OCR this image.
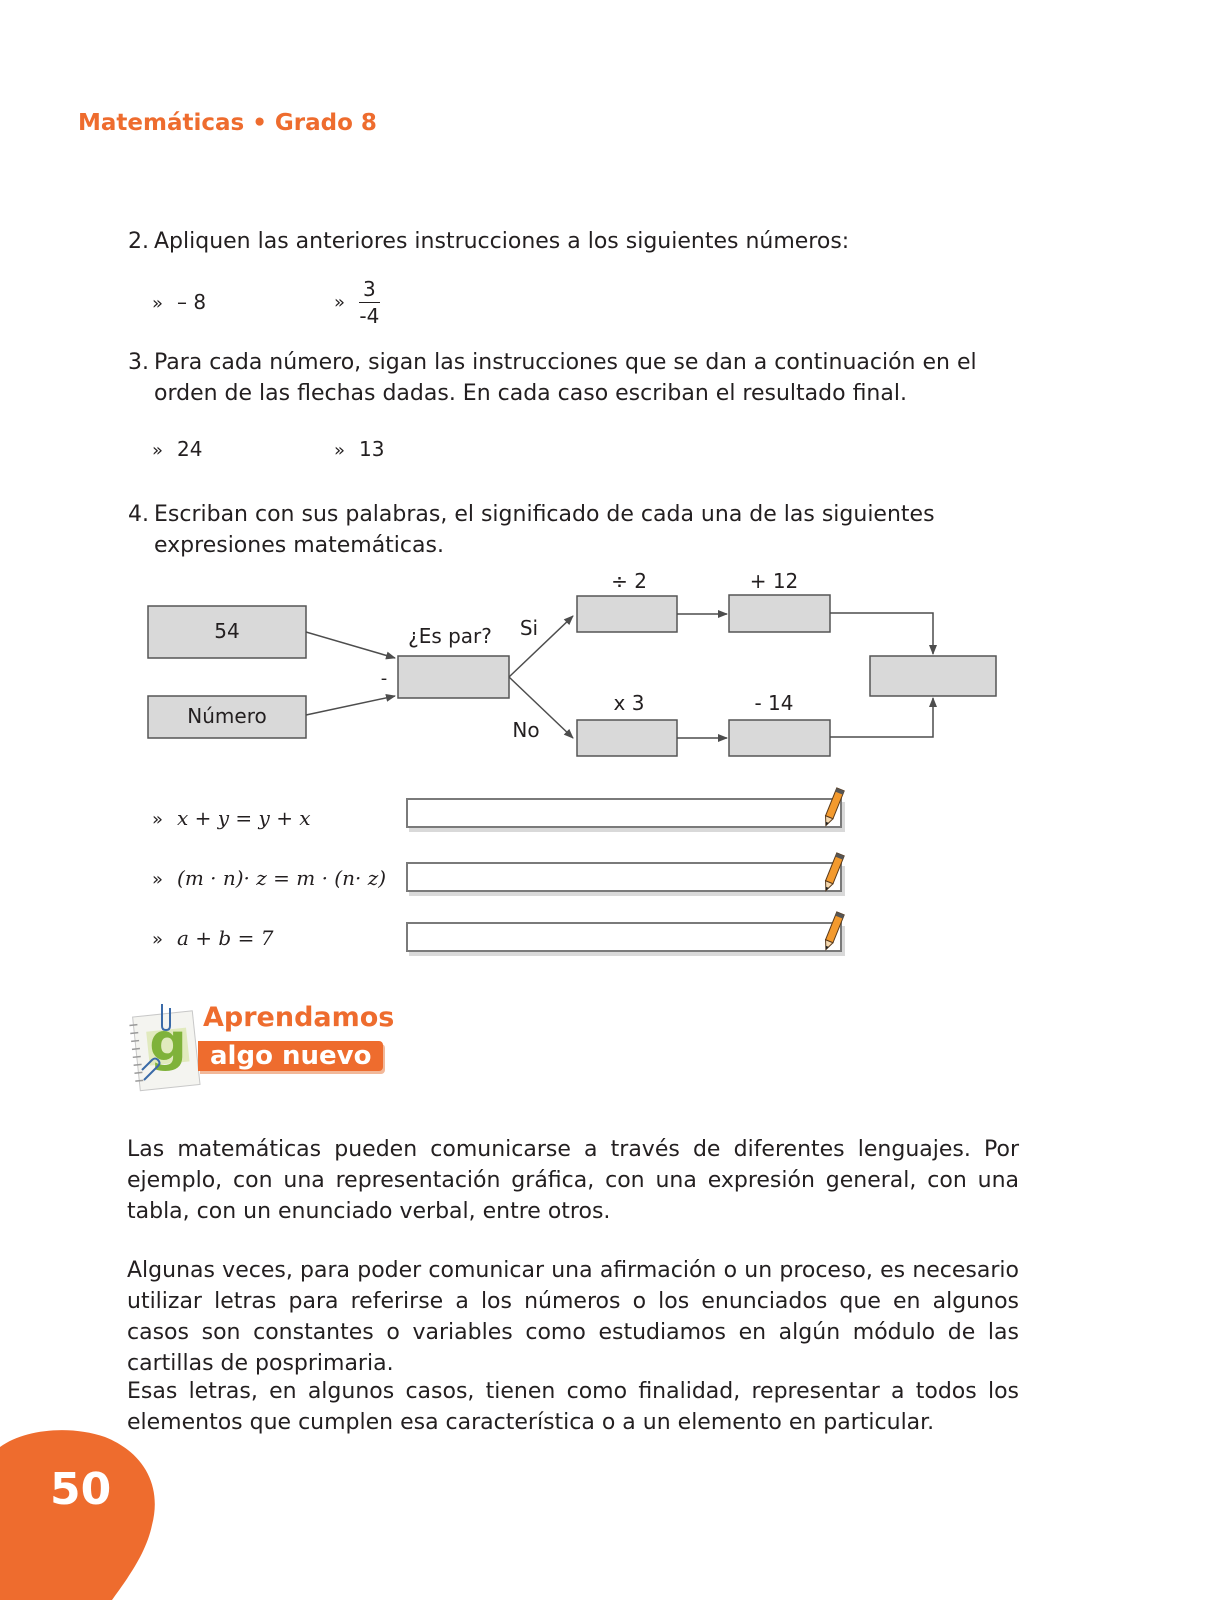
Matemáticas • Grado 8
2. Apliquen las anteriores instrucciones a los siguientes números:
» – 8	» $\frac{3}{-4}$
3. Para cada número, sigan las instrucciones que se dan a continuación en el orden de las flechas dadas. En cada caso escriban el resultado final.
» 24	» 13
4. Escriban con sus palabras, el significado de cada una de las siguientes expresiones matemáticas.
54
Número
-
¿Es par? Si
No
÷ 2	+ 12
x 3	- 14
» x + y = y + x
» (m · n)· z = m · (n· z)
» a + b = 7
g Aprendamos
algo nuevo
Las matemáticas pueden comunicarse a través de diferentes lenguajes. Por ejemplo, con una representación gráfica, con una expresión general, con una tabla, con un enunciado verbal, entre otros.
Algunas veces, para poder comunicar una afirmación o un proceso, es necesario utilizar letras para referirse a los números o los enunciados que en algunos casos son constantes o variables como estudiamos en algún módulo de las cartillas de posprimaria.
Esas letras, en algunos casos, tienen como finalidad, representar a todos los elementos que cumplen esa característica o a un elemento en particular.
50
